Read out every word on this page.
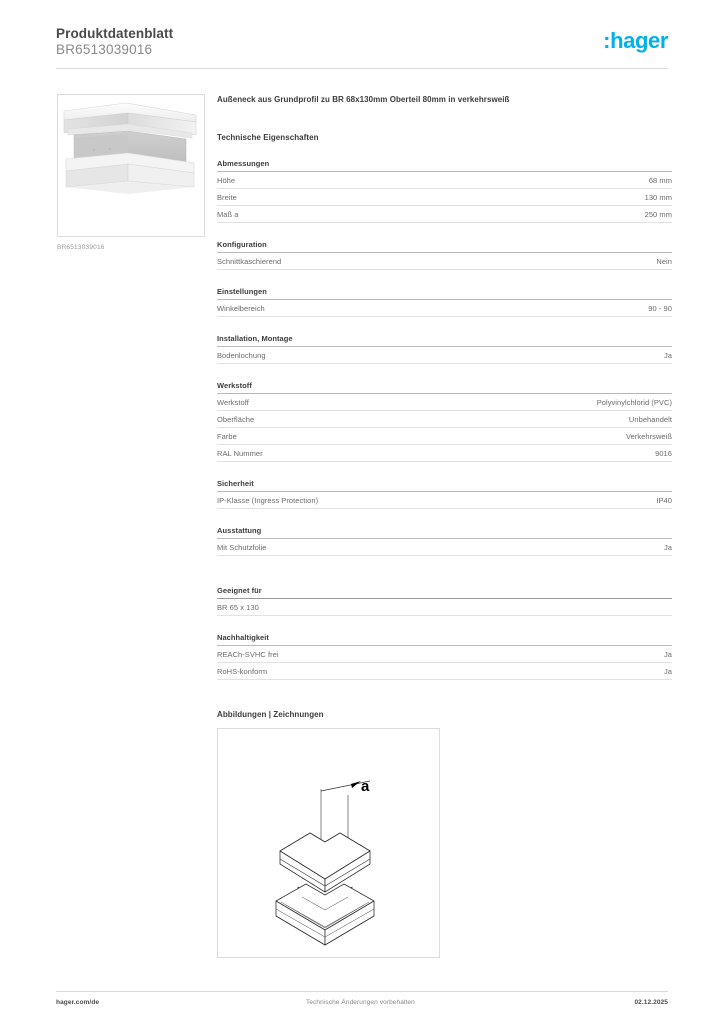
Produktdatenblatt
BR6513039016	:hager
BR6513039016
Außeneck aus Grundprofil zu BR 68x130mm Oberteil 80mm in verkehrsweiß
Technische Eigenschaften
Abmessungen
Höhe	68 mm
Breite	130 mm
Maß a	250 mm
Konfiguration
Schnittkaschierend	Nein
Einstellungen
Winkelbereich	90 - 90
Installation, Montage
Bodenlochung	Ja
Werkstoff
Werkstoff	Polyvinylchlorid (PVC)
Oberfläche	Unbehandelt
Farbe	Verkehrsweiß
RAL Nummer	9016
Sicherheit
IP-Klasse (Ingress Protection)	IP40
Ausstattung
Mit Schutzfolie	Ja
Geeignet für
BR 65 x 130
Nachhaltigkeit
REACh-SVHC frei	Ja
RoHS-konform	Ja
Abbildungen | Zeichnungen
a
hager.com/de	Technische Änderungen vorbehalten	02.12.2025
